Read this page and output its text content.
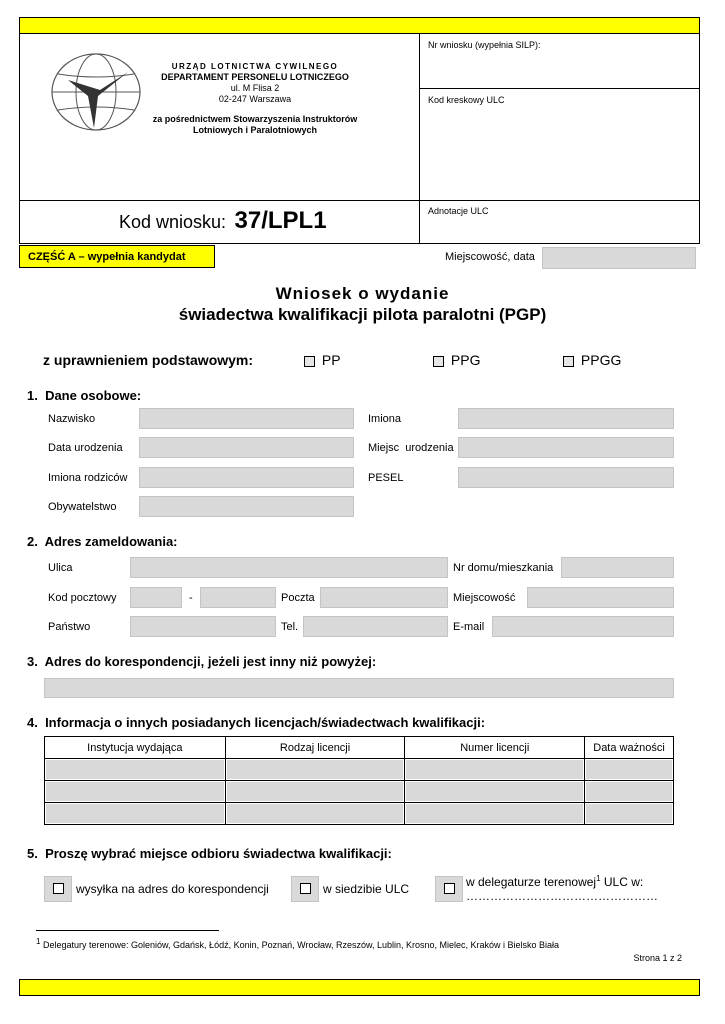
URZĄD LOTNICTWA CYWILNEGO
DEPARTAMENT PERSONELU LOTNICZEGO
ul. M Flisa 2
02-247 Warszawa
za pośrednictwem Stowarzyszenia Instruktorów
Lotniowych i Paralotniowych
Nr wniosku (wypełnia SILP):
Kod kreskowy ULC
Adnotacje ULC
Kod wniosku: 37/LPL1
CZĘŚĆ A – wypełnia kandydat	Miejscowość, data
Wniosek o wydanie
świadectwa kwalifikacji pilota paralotni (PGP)
z uprawnieniem podstawowym:	PP	PPG	PPGG
1.  Dane osobowe:
Nazwisko	Imiona
Data urodzenia	Miejsc  urodzenia
Imiona rodziców	PESEL
Obywatelstwo
2.  Adres zameldowania:
Ulica	Nr domu/mieszkania
Kod pocztowy	-	Poczta	Miejscowość
Państwo	Tel.	E-mail
3.  Adres do korespondencji, jeżeli jest inny niż powyżej:
4.  Informacja o innych posiadanych licencjach/świadectwach kwalifikacji:
Instytucja wydająca	Rodzaj licencji	Numer licencji	Data ważności

5.  Proszę wybrać miejsce odbioru świadectwa kwalifikacji:
wysyłka na adres do korespondencji	w siedzibie ULC	w delegaturze terenowej$^1$ ULC w:
…………………………………………
$^1$ Delegatury terenowe: Goleniów, Gdańsk, Łódź, Konin, Poznań, Wrocław, Rzeszów, Lublin, Krosno, Mielec, Kraków i Bielsko Biała
Strona 1 z 2
